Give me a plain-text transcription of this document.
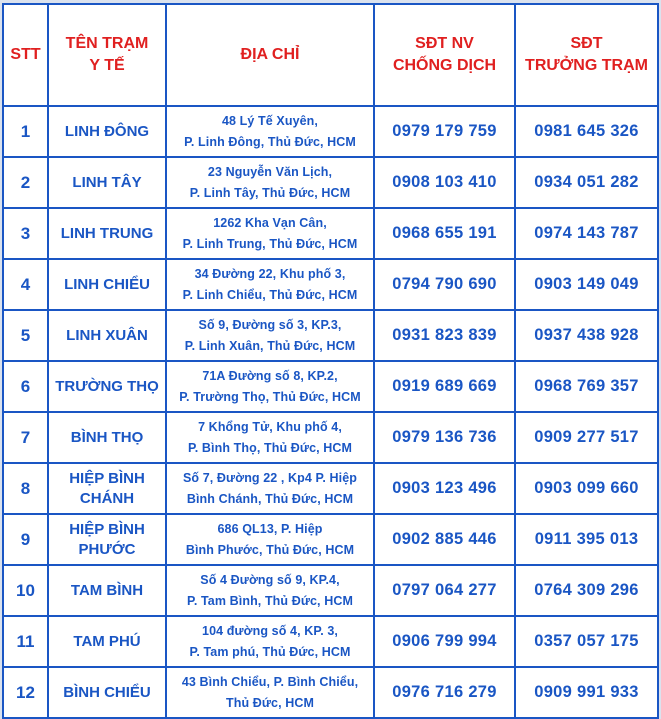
STT	TÊN TRẠM
Y TẾ	ĐỊA CHỈ	SĐT NV
CHỐNG DỊCH	SĐT
TRƯỞNG TRẠM
1	LINH ĐÔNG	48 Lý Tế Xuyên,
P. Linh Đông, Thủ Đức, HCM	0979 179 759	0981 645 326
2	LINH TÂY	23 Nguyễn Văn Lịch,
P. Linh Tây, Thủ Đức, HCM	0908 103 410	0934 051 282
3	LINH TRUNG	1262 Kha Vạn Cân,
P. Linh Trung, Thủ Đức, HCM	0968 655 191	0974 143 787
4	LINH CHIỂU	34 Đường 22, Khu phố 3,
P. Linh Chiểu, Thủ Đức, HCM	0794 790 690	0903 149 049
5	LINH XUÂN	Số 9, Đường số 3, KP.3,
P. Linh Xuân, Thủ Đức, HCM	0931 823 839	0937 438 928
6	TRƯỜNG THỌ	71A Đường số 8, KP.2,
P. Trường Thọ, Thủ Đức, HCM	0919 689 669	0968 769 357
7	BÌNH THỌ	7 Khổng Tử, Khu phố 4,
P. Bình Thọ, Thủ Đức, HCM	0979 136 736	0909 277 517
8	HIỆP BÌNH
CHÁNH	Số 7, Đường 22 , Kp4 P. Hiệp
Bình Chánh, Thủ Đức, HCM	0903 123 496	0903 099 660
9	HIỆP BÌNH
PHƯỚC	686 QL13, P. Hiệp
Bình Phước, Thủ Đức, HCM	0902 885 446	0911 395 013
10	TAM BÌNH	Số 4 Đường số 9, KP.4,
P. Tam Bình, Thủ Đức, HCM	0797 064 277	0764 309 296
11	TAM PHÚ	104 đường số 4, KP. 3,
P. Tam phú, Thủ Đức, HCM	0906 799 994	0357 057 175
12	BÌNH CHIỂU	43 Bình Chiểu, P. Bình Chiểu,
Thủ Đức, HCM	0976 716 279	0909 991 933
